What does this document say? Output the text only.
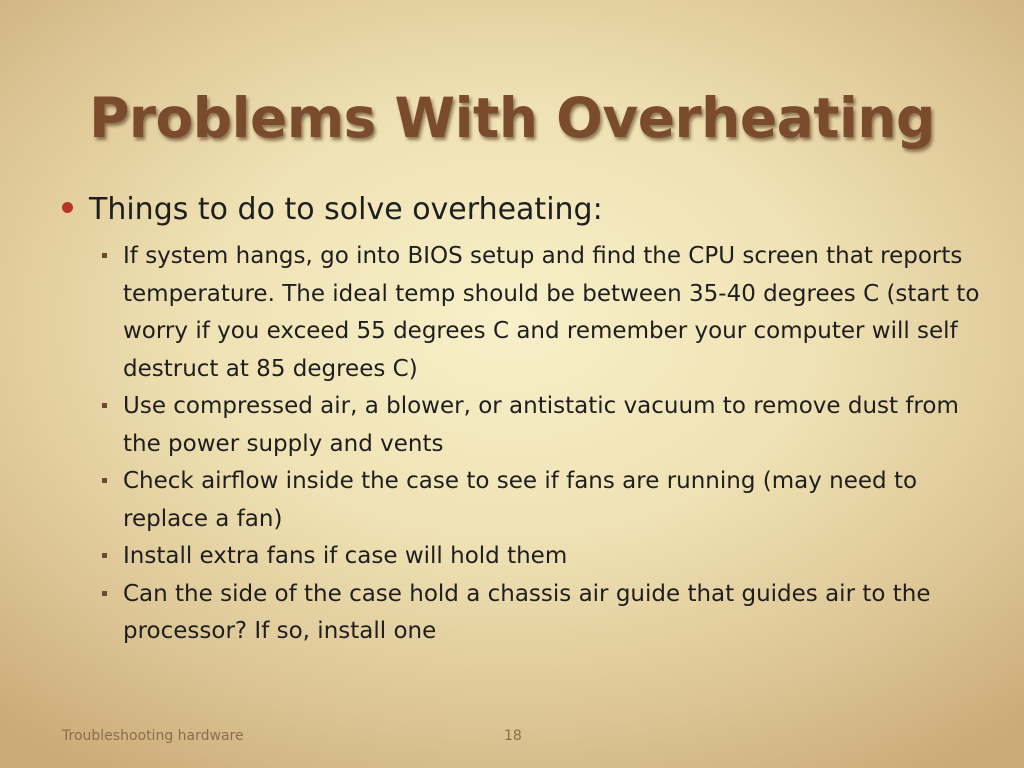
Problems With Overheating
Things to do to solve overheating:
If system hangs, go into BIOS setup and find the CPU screen that reports temperature. The ideal temp should be between 35-40 degrees C (start to worry if you exceed 55 degrees C and remember your computer will self destruct at 85 degrees C)
Use compressed air, a blower, or antistatic vacuum to remove dust from the power supply and vents
Check airflow inside the case to see if fans are running (may need to replace a fan)
Install extra fans if case will hold them
Can the side of the case hold a chassis air guide that guides air to the processor? If so, install one
Troubleshooting hardware	18
